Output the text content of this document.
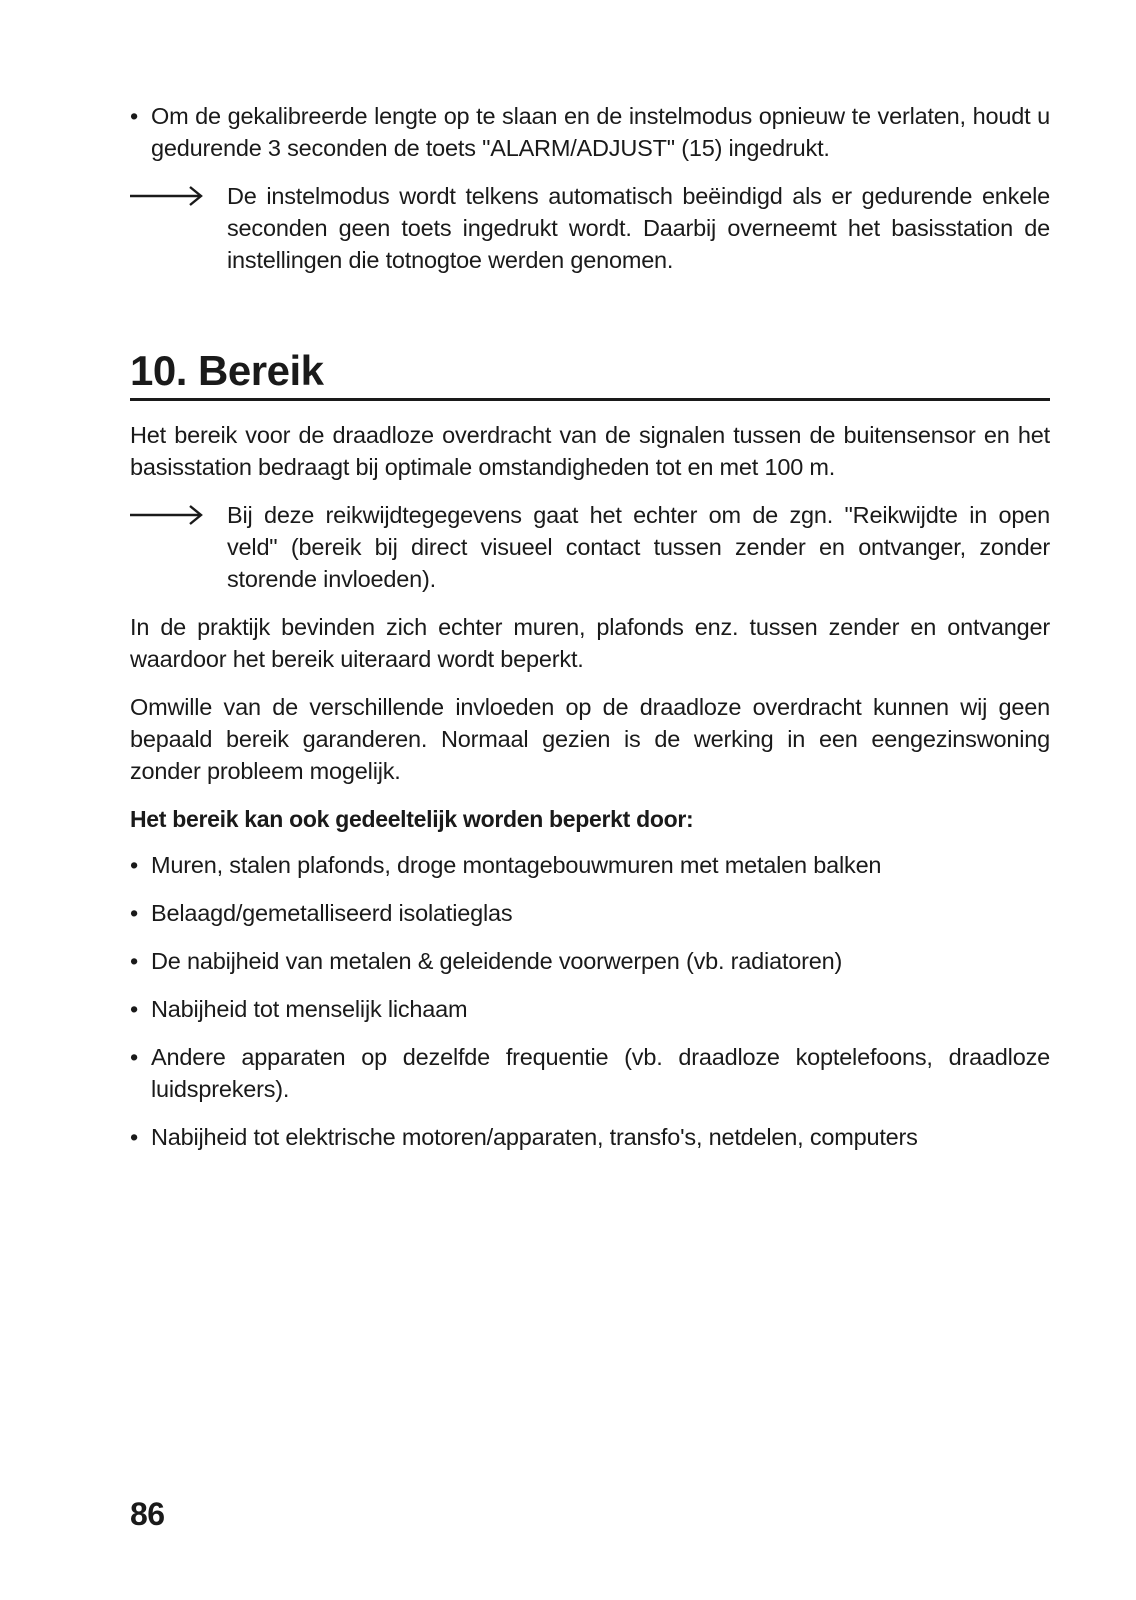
• Om de gekalibreerde lengte op te slaan en de instelmodus opnieuw te verlaten, houdt u gedurende 3 seconden de toets "ALARM/ADJUST" (15) ingedrukt.
De instelmodus wordt telkens automatisch beëindigd als er gedurende enkele seconden geen toets ingedrukt wordt. Daarbij overneemt het basisstation de instellingen die totnogtoe werden genomen.
10. Bereik

Het bereik voor de draadloze overdracht van de signalen tussen de buitensensor en het basisstation bedraagt bij optimale omstandigheden tot en met 100 m.

Bij deze reikwijdtegegevens gaat het echter om de zgn. "Reikwijdte in open veld" (bereik bij direct visueel contact tussen zender en ontvanger, zonder storende invloeden).

In de praktijk bevinden zich echter muren, plafonds enz. tussen zender en ontvanger waardoor het bereik uiteraard wordt beperkt.

Omwille van de verschillende invloeden op de draadloze overdracht kunnen wij geen bepaald bereik garanderen. Normaal gezien is de werking in een eengezinswoning zonder probleem mogelijk.

Het bereik kan ook gedeeltelijk worden beperkt door:
• Muren, stalen plafonds, droge montagebouwmuren met metalen balken
• Belaagd/gemetalliseerd isolatieglas
• De nabijheid van metalen & geleidende voorwerpen (vb. radiatoren)
• Nabijheid tot menselijk lichaam
• Andere apparaten op dezelfde frequentie (vb. draadloze koptelefoons, draadloze luidsprekers).
• Nabijheid tot elektrische motoren/apparaten, transfo's, netdelen, computers
86
